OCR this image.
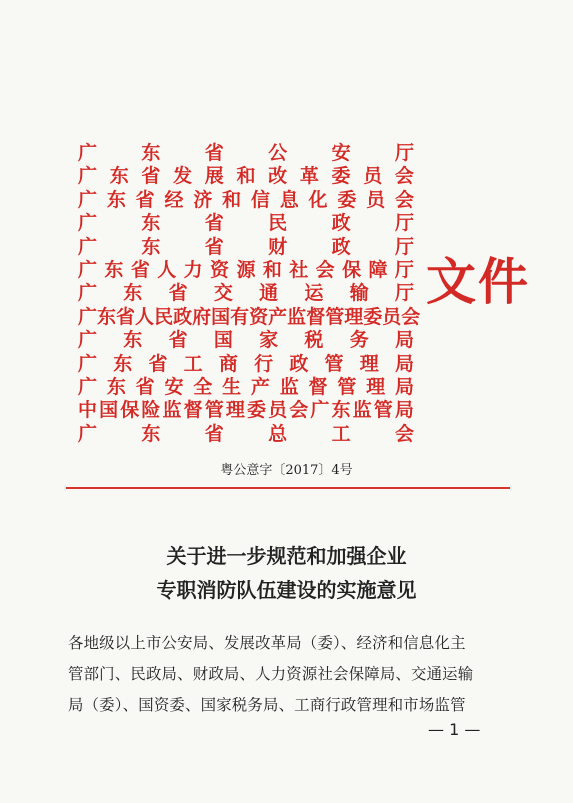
广 东 省 公 安 厅
广 东 省 发 展 和 改 革 委 员 会
广 东 省 经 济 和 信 息 化 委 员 会
广 东 省 民 政 厅
广 东 省 财 政 厅
广 东 省 人 力 资 源 和 社 会 保 障 厅
广 东 省 交 通 运 输 厅
广 东 省 人 民 政 府 国 有 资 产 监 督 管 理 委 员 会
广 东 省 国 家 税 务 局
广 东 省 工 商 行 政 管 理 局
广 东 省 安 全 生 产 监 督 管 理 局
中 国 保 险 监 督 管 理 委 员 会 广 东 监 管 局
广 东 省 总 工 会
文件
粤公意字〔2017〕4号
关于进一步规范和加强企业
专职消防队伍建设的实施意见
各地级以上市公安局、发展改革局（委）、经济和信息化主
管部门、民政局、财政局、人力资源社会保障局、交通运输
局（委）、国资委、国家税务局、工商行政管理和市场监管
— 1 —
